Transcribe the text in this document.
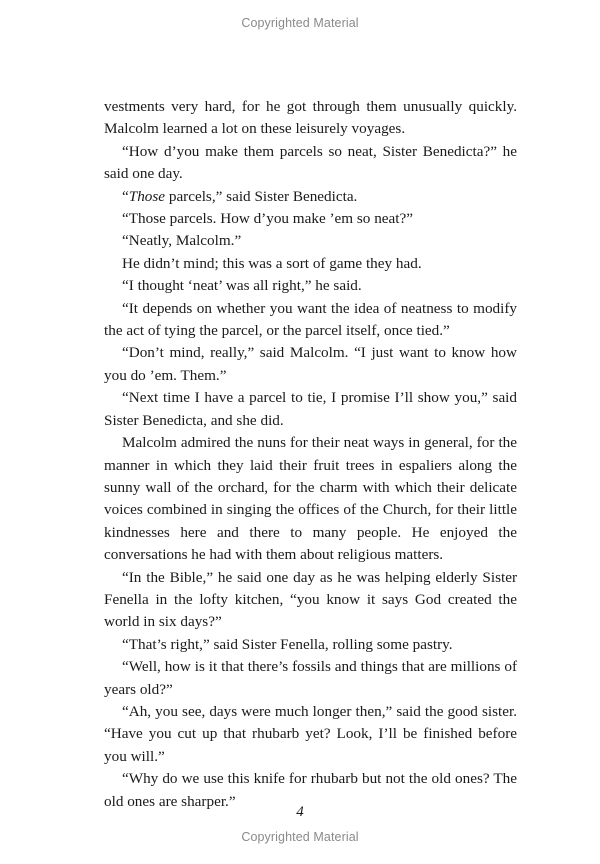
Copyrighted Material

vestments very hard, for he got through them unusually quickly. Malcolm learned a lot on these leisurely voyages.

“How d’you make them parcels so neat, Sister Benedicta?” he said one day.

“Those parcels,” said Sister Benedicta.

“Those parcels. How d’you make ’em so neat?”

“Neatly, Malcolm.”

He didn’t mind; this was a sort of game they had.

“I thought ‘neat’ was all right,” he said.

“It depends on whether you want the idea of neatness to modify the act of tying the parcel, or the parcel itself, once tied.”

“Don’t mind, really,” said Malcolm. “I just want to know how you do ’em. Them.”

“Next time I have a parcel to tie, I promise I’ll show you,” said Sister Benedicta, and she did.

Malcolm admired the nuns for their neat ways in general, for the manner in which they laid their fruit trees in espaliers along the sunny wall of the orchard, for the charm with which their delicate voices combined in singing the offices of the Church, for their little kindnesses here and there to many people. He enjoyed the conversations he had with them about religious matters.

“In the Bible,” he said one day as he was helping elderly Sister Fenella in the lofty kitchen, “you know it says God created the world in six days?”

“That’s right,” said Sister Fenella, rolling some pastry.

“Well, how is it that there’s fossils and things that are millions of years old?”

“Ah, you see, days were much longer then,” said the good sister. “Have you cut up that rhubarb yet? Look, I’ll be finished before you will.”

“Why do we use this knife for rhubarb but not the old ones? The old ones are sharper.”

4
Copyrighted Material
